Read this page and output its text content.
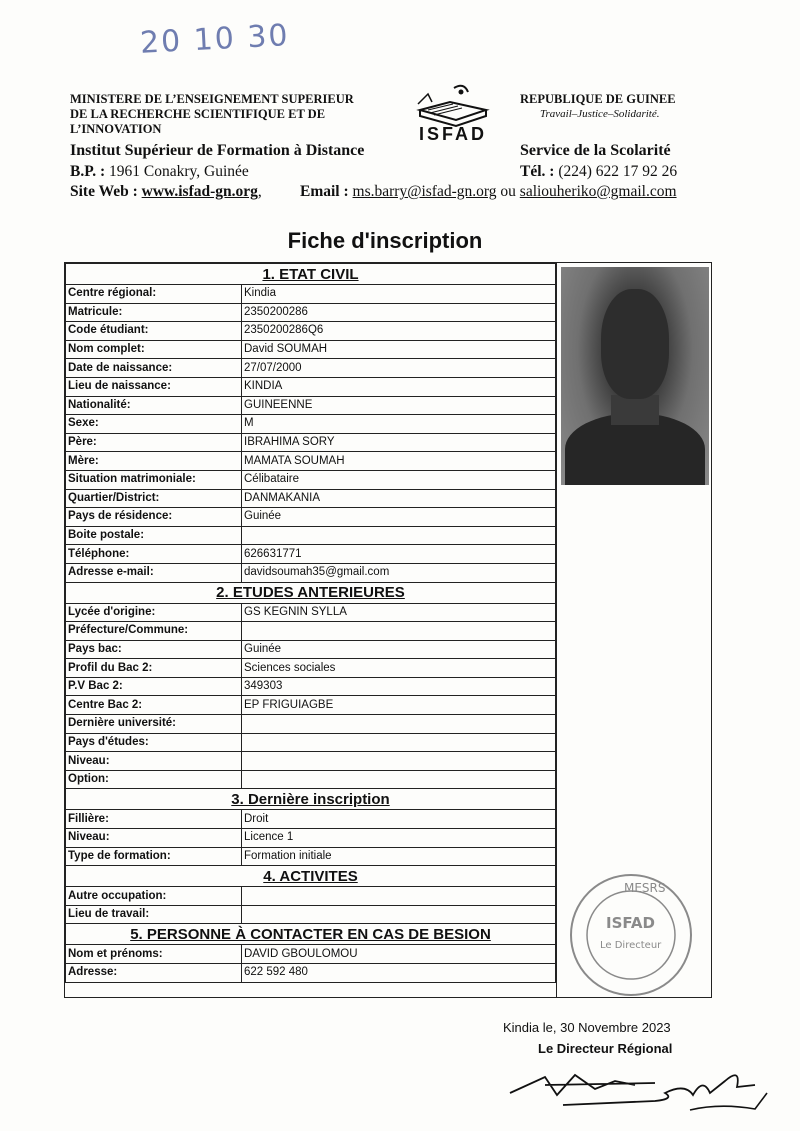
20 10 30
MINISTERE DE L’ENSEIGNEMENT SUPERIEUR
DE LA RECHERCHE SCIENTIFIQUE ET DE
L’INNOVATION	ISFAD
REPUBLIQUE DE GUINEE
Travail–Justice–Solidarité.
Institut Supérieur de Formation à Distance
B.P. : 1961 Conakry, Guinée
Site Web : www.isfad-gn.org,
Service de la Scolarité
Tél. : (224) 622 17 92 26
Email : ms.barry@isfad-gn.org ou saliouheriko@gmail.com
Fiche d'inscription
1. ETAT CIVIL	
Centre régional:	Kindia
Matricule:	2350200286
Code étudiant:	2350200286Q6
Nom complet:	David SOUMAH
Date de naissance:	27/07/2000
Lieu de naissance:	KINDIA
Nationalité:	GUINEENNE
Sexe:	M
Père:	IBRAHIMA SORY
Mère:	MAMATA SOUMAH
Situation matrimoniale:	Célibataire
Quartier/District:	DANMAKANIA
Pays de résidence:	Guinée
Boite postale:	
Téléphone:	626631771
Adresse e-mail:	davidsoumah35@gmail.com
2. ETUDES ANTERIEURES	
Lycée d'origine:	GS KEGNIN SYLLA
Préfecture/Commune:	
Pays bac:	Guinée
Profil du Bac 2:	Sciences sociales
P.V Bac 2:	349303
Centre Bac 2:	EP FRIGUIAGBE
Dernière université:	
Pays d'études:	
Niveau:	
Option:	
3. Dernière inscription	
Fillière:	Droit
Niveau:	Licence 1
Type de formation:	Formation initiale
4. ACTIVITES	
Autre occupation:	
Lieu de travail:	
5. PERSONNE À CONTACTER EN CAS DE BESION	
Nom et prénoms:	DAVID GBOULOMOU
Adresse:	622 592 480
MESRS
ISFAD
Le Directeur
Kindia le, 30 Novembre 2023
Le Directeur Régional
